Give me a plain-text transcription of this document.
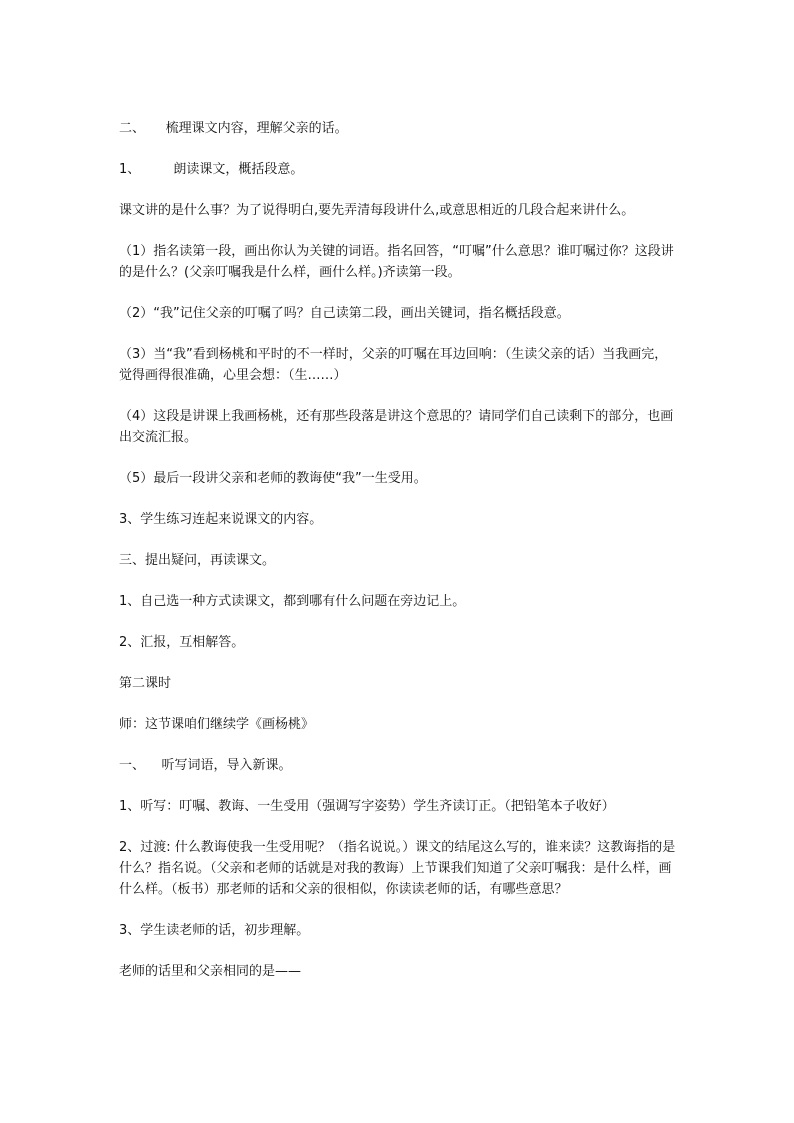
二、     梳理课文内容，理解父亲的话。

1、        朗读课文，概括段意。

课文讲的是什么事？为了说得明白,要先弄清每段讲什么,或意思相近的几段合起来讲什么。

（1）指名读第一段，画出你认为关键的词语。指名回答，“叮嘱”什么意思？谁叮嘱过你？这段讲的是什么？(父亲叮嘱我是什么样，画什么样。)齐读第一段。

（2）“我”记住父亲的叮嘱了吗？自己读第二段，画出关键词，指名概括段意。

（3）当“我”看到杨桃和平时的不一样时，父亲的叮嘱在耳边回响：（生读父亲的话）当我画完，觉得画得很准确，心里会想：（生……）

（4）这段是讲课上我画杨桃，还有那些段落是讲这个意思的？请同学们自己读剩下的部分，也画出交流汇报。

（5）最后一段讲父亲和老师的教诲使“我”一生受用。

3、学生练习连起来说课文的内容。

三、提出疑问，再读课文。

1、自己选一种方式读课文，都到哪有什么问题在旁边记上。

2、汇报，互相解答。

第二课时

师：这节课咱们继续学《画杨桃》

一、    听写词语，导入新课。

1、听写：叮嘱、教诲、一生受用（强调写字姿势）学生齐读订正。（把铅笔本子收好）

2、过渡: 什么教诲使我一生受用呢？（指名说说。）课文的结尾这么写的，谁来读？这教诲指的是什么？指名说。（父亲和老师的话就是对我的教诲）上节课我们知道了父亲叮嘱我：是什么样，画什么样。（板书）那老师的话和父亲的很相似，你读读老师的话，有哪些意思？

3、学生读老师的话，初步理解。

老师的话里和父亲相同的是——
